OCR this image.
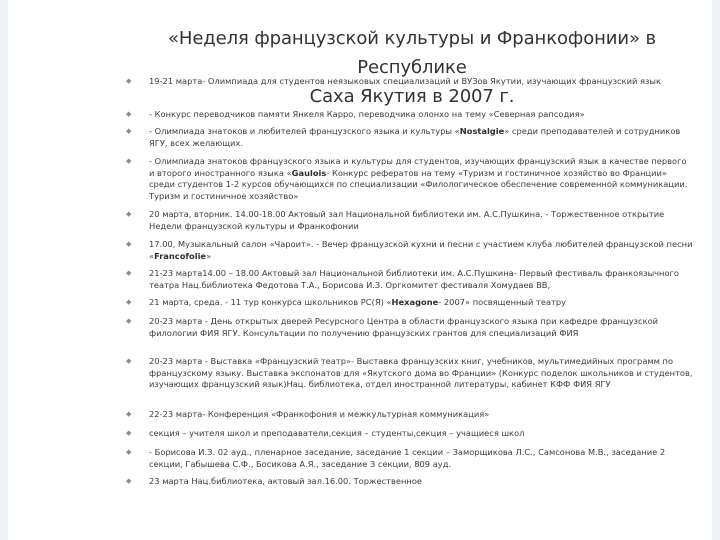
«Неделя французской культуры и Франкофонии» в Республике
Саха Якутия в 2007 г.
◆ 19-21 марта- Олимпиада для студентов неязыковых специализаций и ВУЗов Якутии, изучающих французский язык
◆ - Конкурс переводчиков памяти Янкеля Карро, переводчика олонхо на тему «Северная рапсодия»
◆ - Олимпиада знатоков и любителей французского языка и культуры «Nostalgie» среди преподавателей и сотрудников ЯГУ, всех желающих.
◆ - Олимпиада знатоков французского языка и культуры для студентов, изучающих французский язык в качестве первого и второго иностранного языка «Gaulois- Конкурс рефератов на тему «Туризм и гостиничное хозяйство во Франции» среди студентов 1-2 курсов обучающихся по специализации «Филологическое обеспечение современной коммуникации. Туризм и гостиничное хозяйство»
◆ 20 марта, вторник. 14.00-18.00 Актовый зал Национальной библиотеки им. А.С.Пушкина. - Торжественное открытие Недели французской культуры и Франкофонии
◆ 17.00, Музыкальный салон «Чароит». - Вечер французской кухни и песни с участием клуба любителей французской песни «Francofolie»
◆ 21-23 марта14.00 – 18.00 Актовый зал Национальной библиотеки им. А.С.Пушкина- Первый фестиваль франкоязычного театра Нац.библиотека Федотова Т.А., Борисова И.З. Оргкомитет фестиваля Хомудаев ВВ,
◆ 21 марта, среда. - 11 тур конкурса школьников РС(Я) «Hexagone- 2007» посвященный театру
◆ 20-23 марта - День открытых дверей Ресурсного Центра в области французского языка при кафедре французской филологии ФИЯ ЯГУ. Консультации по получению французских грантов для специализаций ФИЯ
◆ 20-23 марта - Выставка «Французский театр»- Выставка французских книг, учебников, мультимедийных программ по французскому языку. Выставка экспонатов для «Якутского дома во Франции» (Конкурс поделок школьников и студентов, изучающих французский язык)Нац. библиотека, отдел иностранной литературы, кабинет КФФ ФИЯ ЯГУ
◆ 22-23 марта- Конференция «Франкофония и межкультурная коммуникация»
◆ секция – учителя школ и преподаватели,секция – студенты,секция – учащиеся школ
◆ - Борисова И.З. 02 ауд., пленарное заседание, заседание 1 секции – Заморщикова Л.С., Самсонова М.В., заседание 2 секции, Габышева С.Ф., Босикова А.Я., заседание 3 секции, 809 ауд.
◆ 23 марта Нац.библиотека, актовый зал.16.00. Торжественное
